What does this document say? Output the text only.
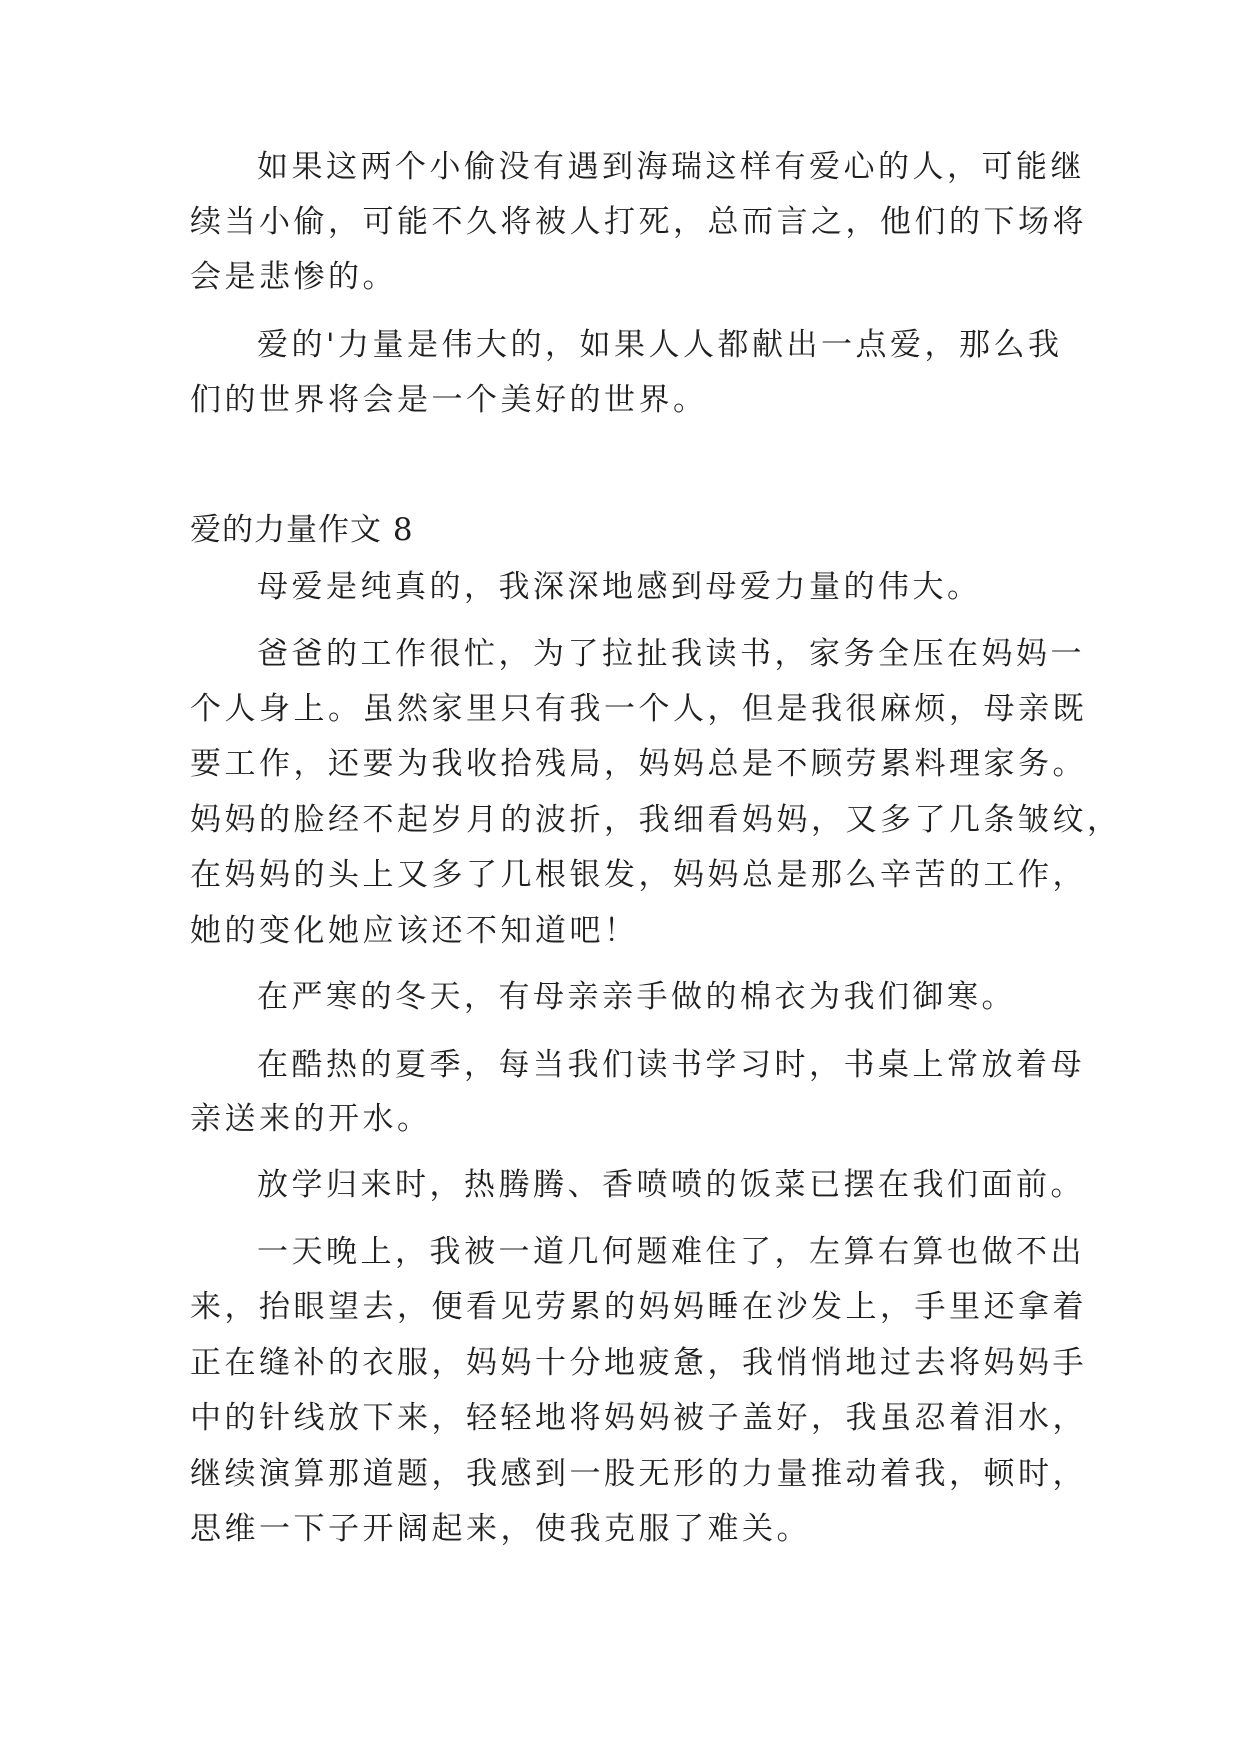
如果这两个小偷没有遇到海瑞这样有爱心的人，可能继
续当小偷，可能不久将被人打死，总而言之，他们的下场将
会是悲惨的。
爱的'力量是伟大的，如果人人都献出一点爱，那么我
们的世界将会是一个美好的世界。
爱的力量作文 8
母爱是纯真的，我深深地感到母爱力量的伟大。
爸爸的工作很忙，为了拉扯我读书，家务全压在妈妈一
个人身上。虽然家里只有我一个人，但是我很麻烦，母亲既
要工作，还要为我收拾残局，妈妈总是不顾劳累料理家务。
妈妈的脸经不起岁月的波折，我细看妈妈，又多了几条皱纹，
在妈妈的头上又多了几根银发，妈妈总是那么辛苦的工作，
她的变化她应该还不知道吧！
在严寒的冬天，有母亲亲手做的棉衣为我们御寒。
在酷热的夏季，每当我们读书学习时，书桌上常放着母
亲送来的开水。
放学归来时，热腾腾、香喷喷的饭菜已摆在我们面前。
一天晚上，我被一道几何题难住了，左算右算也做不出
来，抬眼望去，便看见劳累的妈妈睡在沙发上，手里还拿着
正在缝补的衣服，妈妈十分地疲惫，我悄悄地过去将妈妈手
中的针线放下来，轻轻地将妈妈被子盖好，我虽忍着泪水，
继续演算那道题，我感到一股无形的力量推动着我，顿时，
思维一下子开阔起来，使我克服了难关。
